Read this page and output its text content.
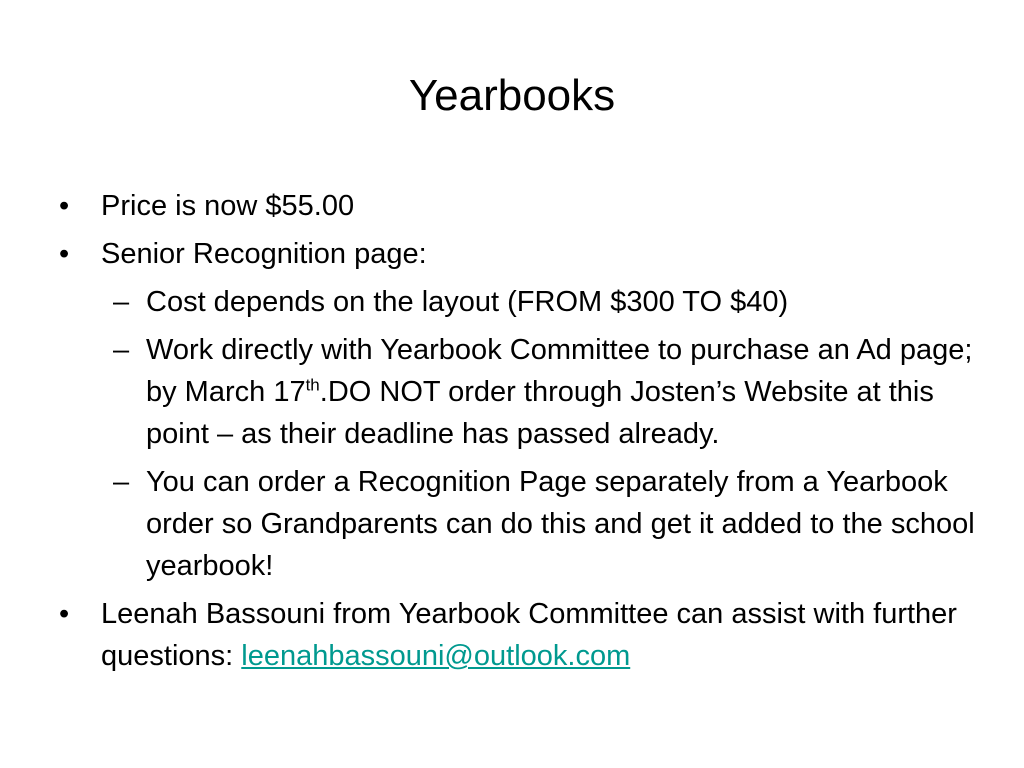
Yearbooks
• Price is now $55.00
• Senior Recognition page:
– Cost depends on the layout (FROM $300 TO $40)
– Work directly with Yearbook Committee to purchase an Ad page; by March 17th.DO NOT order through Josten’s Website at this point – as their deadline has passed already.
– You can order a Recognition Page separately from a Yearbook order so Grandparents can do this and get it added to the school yearbook!
• Leenah Bassouni from Yearbook Committee can assist with further questions: leenahbassouni@outlook.com
